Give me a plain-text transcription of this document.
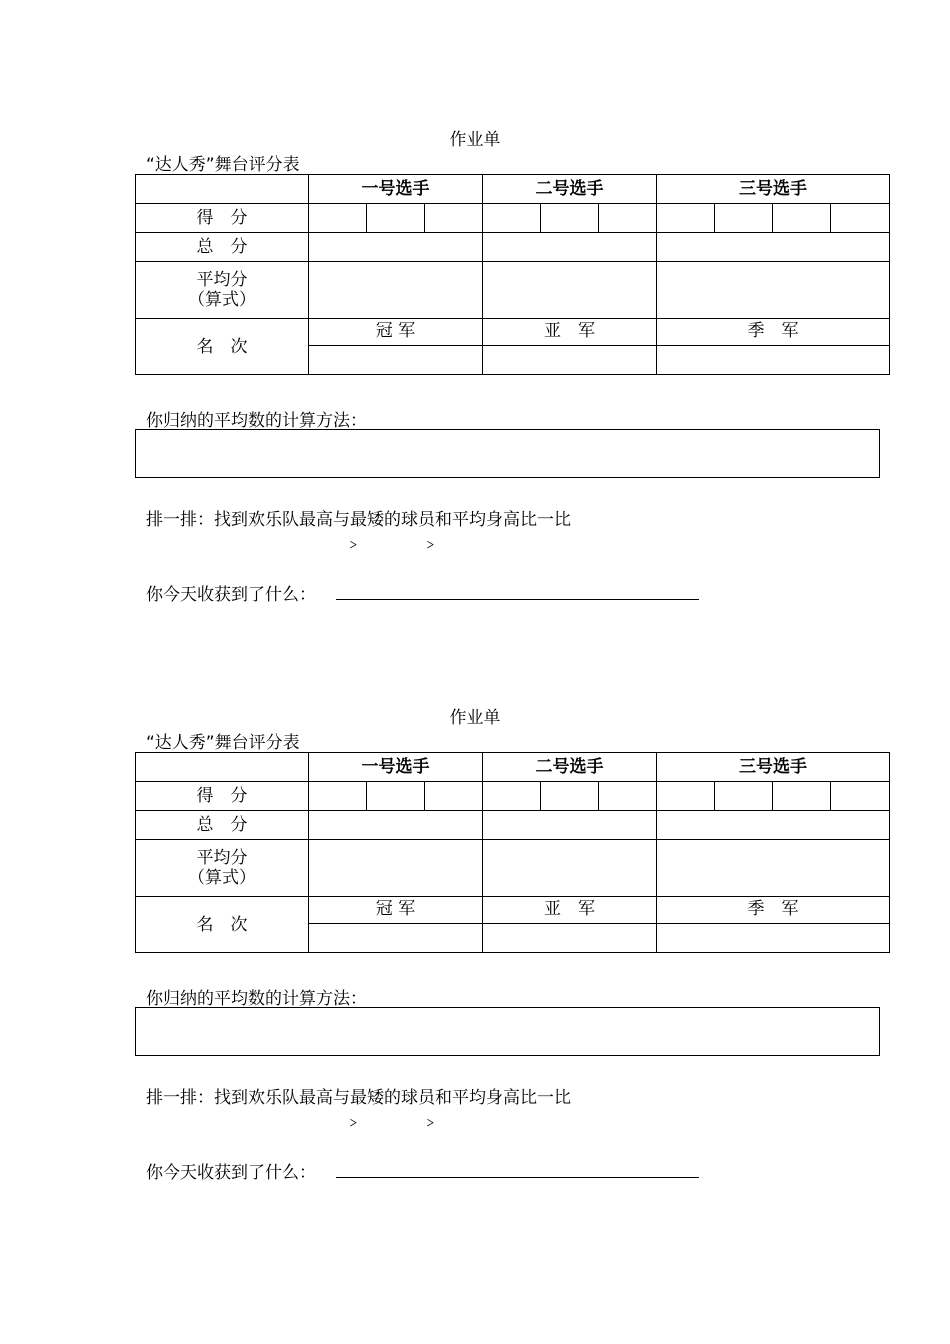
作业单
“达人秀”舞台评分表
	一号选手			二号选手			三号选手			
得　分										
总　分										

平均分
（算式）										

名　次	冠 军			亚　军			季　军			

你归纳的平均数的计算方法：
排一排：找到欢乐队最高与最矮的球员和平均身高比一比
﹥	﹥
你今天收获到了什么：
作业单
“达人秀”舞台评分表
	一号选手			二号选手			三号选手			
得　分										
总　分										

平均分
（算式）										

名　次	冠 军			亚　军			季　军			

你归纳的平均数的计算方法：
排一排：找到欢乐队最高与最矮的球员和平均身高比一比
﹥	﹥
你今天收获到了什么：
